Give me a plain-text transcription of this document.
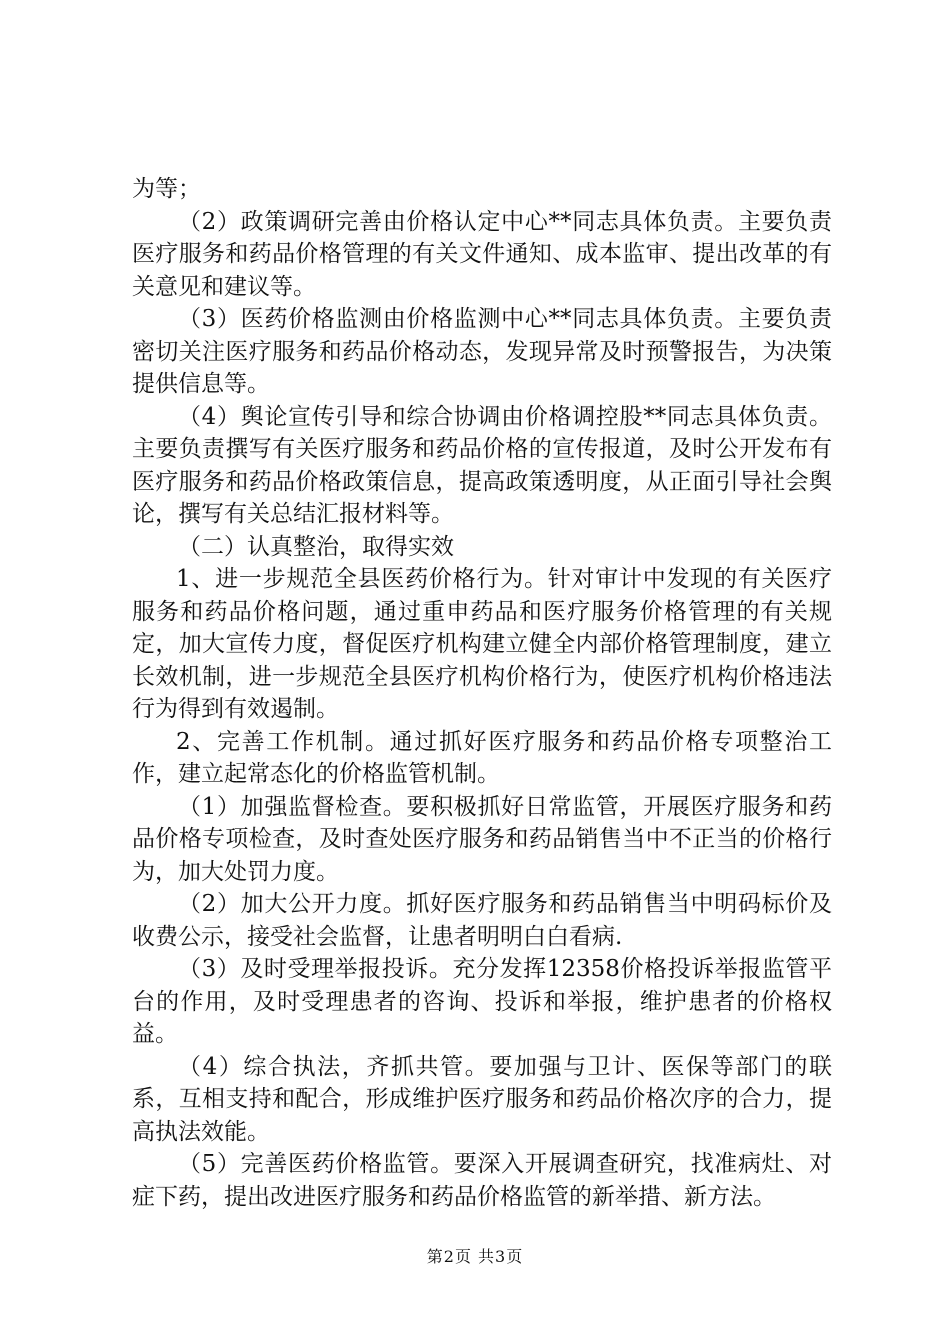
为等；

（2）政策调研完善由价格认定中心**同志具体负责。主要负责医疗服务和药品价格管理的有关文件通知、成本监审、提出改革的有关意见和建议等。

（3）医药价格监测由价格监测中心**同志具体负责。主要负责密切关注医疗服务和药品价格动态，发现异常及时预警报告，为决策提供信息等。

（4）舆论宣传引导和综合协调由价格调控股**同志具体负责。主要负责撰写有关医疗服务和药品价格的宣传报道，及时公开发布有医疗服务和药品价格政策信息，提高政策透明度，从正面引导社会舆论，撰写有关总结汇报材料等。

（二）认真整治，取得实效

1、进一步规范全县医药价格行为。针对审计中发现的有关医疗服务和药品价格问题，通过重申药品和医疗服务价格管理的有关规定，加大宣传力度，督促医疗机构建立健全内部价格管理制度，建立长效机制，进一步规范全县医疗机构价格行为，使医疗机构价格违法行为得到有效遏制。

2、完善工作机制。通过抓好医疗服务和药品价格专项整治工作，建立起常态化的价格监管机制。

（1）加强监督检查。要积极抓好日常监管，开展医疗服务和药品价格专项检查，及时查处医疗服务和药品销售当中不正当的价格行为，加大处罚力度。

（2）加大公开力度。抓好医疗服务和药品销售当中明码标价及收费公示，接受社会监督，让患者明明白白看病.

（3）及时受理举报投诉。充分发挥12358价格投诉举报监管平台的作用，及时受理患者的咨询、投诉和举报，维护患者的价格权益。

（4）综合执法，齐抓共管。要加强与卫计、医保等部门的联系，互相支持和配合，形成维护医疗服务和药品价格次序的合力，提高执法效能。

（5）完善医药价格监管。要深入开展调查研究，找准病灶、对症下药，提出改进医疗服务和药品价格监管的新举措、新方法。

第2页 共3页
